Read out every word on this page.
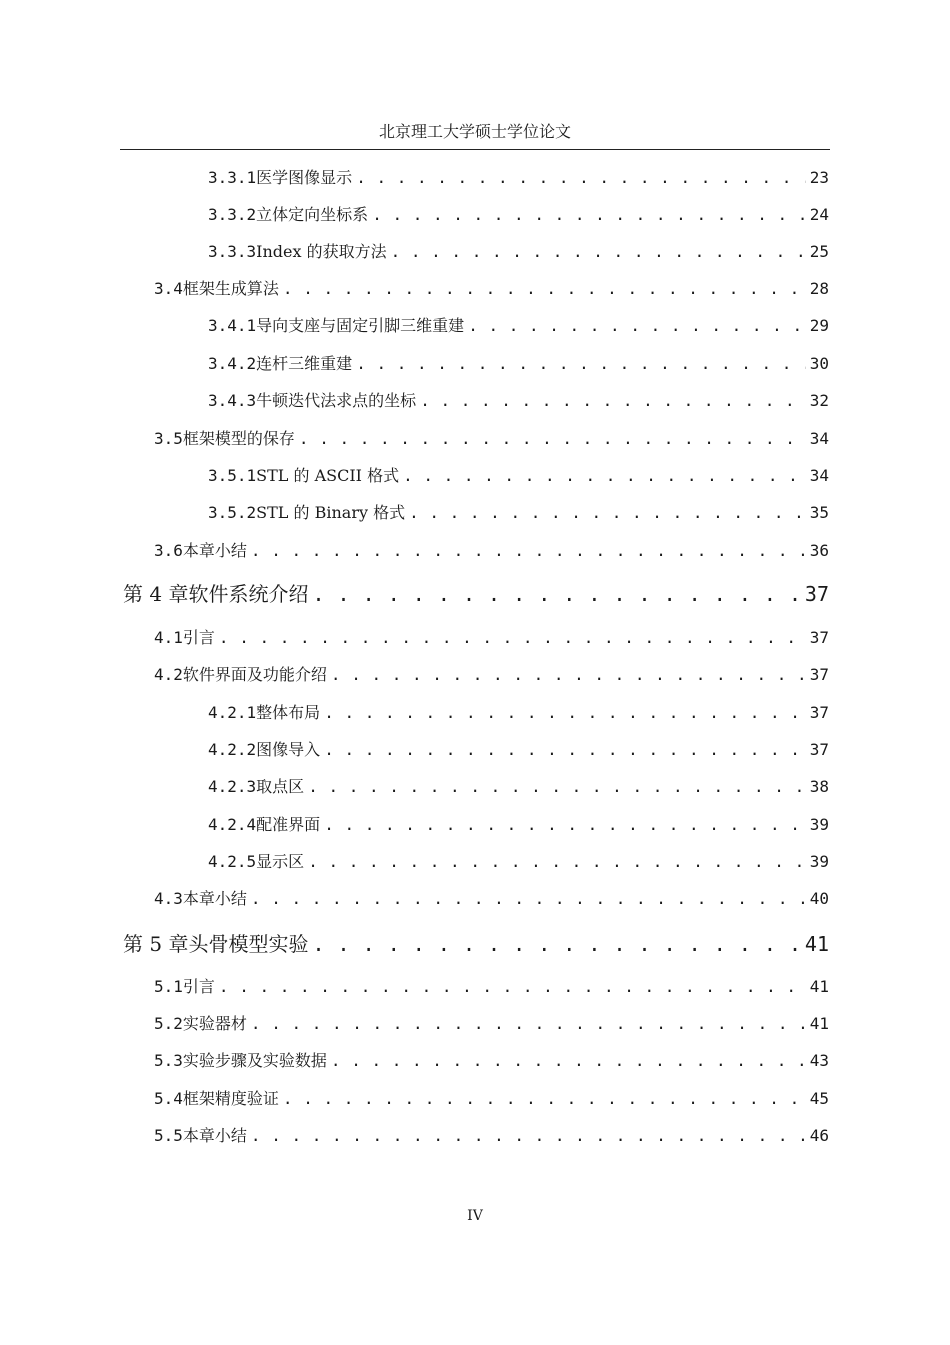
北京理工大学硕士学位论文
3.3.1 医学图像显示 . . .	23
3.3.2 立体定向坐标系 . . .	24
3.3.3 Index 的获取方法 . . .	25
3.4 框架生成算法 . . .	28
3.4.1 导向支座与固定引脚三维重建 . . .	29
3.4.2 连杆三维重建 . . .	30
3.4.3 牛顿迭代法求点的坐标 . . .	32
3.5 框架模型的保存 . . .	34
3.5.1 STL 的 ASCII 格式 . . .	34
3.5.2 STL 的 Binary 格式 . . .	35
3.6 本章小结 . . .	36
第 4 章 软件系统介绍 . . .	37
4.1 引言 . . .	37
4.2 软件界面及功能介绍 . . .	37
4.2.1 整体布局 . . .	37
4.2.2 图像导入 . . .	37
4.2.3 取点区 . . .	38
4.2.4 配准界面 . . .	39
4.2.5 显示区 . . .	39
4.3 本章小结 . . .	40
第 5 章 头骨模型实验 . . .	41
5.1 引言 . . .	41
5.2 实验器材 . . .	41
5.3 实验步骤及实验数据 . . .	43
5.4 框架精度验证 . . .	45
5.5 本章小结 . . .	46
IV
